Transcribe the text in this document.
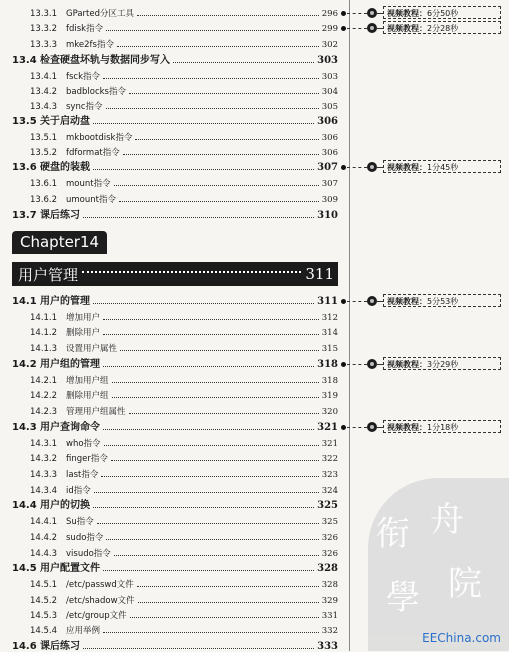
13.3.1	GParted分区工具	296
13.3.2	fdisk指令	299
13.3.3	mke2fs指令	302
13.4 检查硬盘坏轨与数据同步写入	303
13.4.1	fsck指令	303
13.4.2	badblocks指令	304
13.4.3	sync指令	305
13.5 关于启动盘	306
13.5.1	mkbootdisk指令	306
13.5.2	fdformat指令	306
13.6 硬盘的装载	307
13.6.1	mount指令	307
13.6.2	umount指令	309
13.7 课后练习	310
14.1 用户的管理	311
14.1.1	增加用户	312
14.1.2	删除用户	314
14.1.3	设置用户属性	315
14.2 用户组的管理	318
14.2.1	增加用户组	318
14.2.2	删除用户组	319
14.2.3	管理用户组属性	320
14.3 用户查询命令	321
14.3.1	who指令	321
14.3.2	finger指令	322
14.3.3	last指令	323
14.3.4	id指令	324
14.4 用户的切换	325
14.4.1	Su指令	325
14.4.2	sudo指令	326
14.4.3	visudo指令	326
14.5 用户配置文件	328
14.5.1	/etc/passwd文件	328
14.5.2	/etc/shadow文件	329
14.5.3	/etc/group文件	331
14.5.4	应用举例	332
14.6 课后练习	333
Chapter14
用户管理	311
视频教程：6分50秒
视频教程：2分28秒
视频教程：1分45秒
视频教程：5分53秒
视频教程：3分29秒
视频教程：1分18秒
衔 舟
學 院
EEChina.com
